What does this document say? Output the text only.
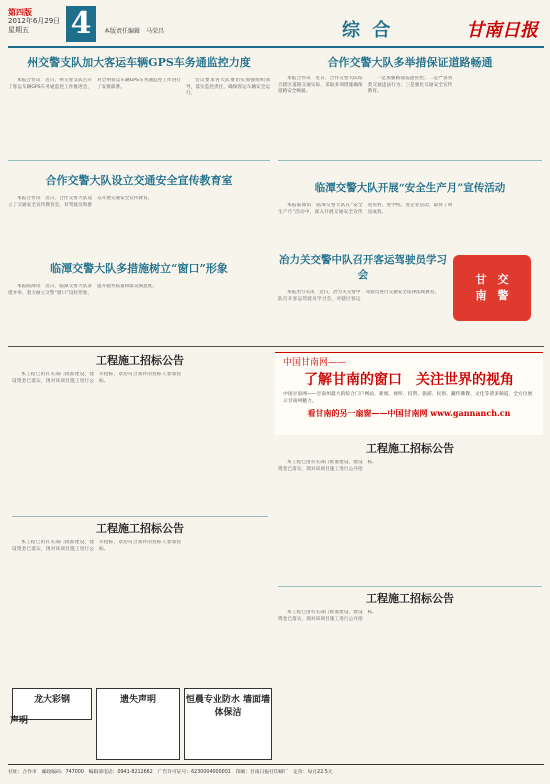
第四版
2012年6月29日
星期五	4	本版责任编辑　马荣昌	综 合	甘南日报
州交警支队加大客运车辆GPS车务通监控力度

本报合作讯　近日，州交警支队召开了客运车辆GPS车务通监控工作推进会，对全州客运车辆GPS车务通监控工作进行了安排部署。

会议要求各大队要切实加强组织领导，落实监控责任，确保客运车辆安全运行。

合作交警大队多举措保证道路畅通

本报合作讯　近日，合作交警大队结合辖区道路交通实际，采取多项措施确保道路安全畅通。

一是加强路面巡逻管控；二是严查各类交通违法行为；三是强化交通安全宣传教育。

临潭交警大队开展“安全生产月”宣传活动

本报临潭讯　临潭交警大队在“安全生产月”活动中，深入开展交通安全宣传进农村、进学校、进企业活动，取得了明显成效。

合作交警大队设立交通安全宣传教育室

本报合作讯　近日，合作交警大队设立了交通安全宣传教育室，对驾驶员和群众开展交通安全宣传教育。

冶力关交警中队召开客运驾驶员学习会

本报冶力关讯　近日，冶力关交警中队召开客运驾驶员学习会，对辖区客运驾驶员进行交通安全法律法规教育。

甘　交
南　警
临潭交警大队多措施树立“窗口”形象

本报临潭讯　近日，临潭交警大队多措并举，着力树立交警“窗口”良好形象，提升服务质量和群众满意度。

工程施工招标公告

本工程已由有关部门批准建设，建设资金已落实，现对该项目施工进行公开招标，欢迎符合条件的投标人参加投标。

工程施工招标公告

本工程已由有关部门批准建设，建设资金已落实，现对该项目施工进行公开招标，欢迎符合条件的投标人参加投标。

中国甘南网——
了解甘南的窗口　关注世界的视角
中国甘南网——甘南州最大的综合门户网站，新闻、视听、投资、旅游、民俗、藏传佛教、文化等诸多频道，全方位展示甘南州魅力。
看甘南的另一扇窗——中国甘南网 www.gannanch.cn
工程施工招标公告

本工程已由有关部门批准建设，建设资金已落实，现对该项目施工进行公开招标。

工程施工招标公告

本工程已由有关部门批准建设，建设资金已落实，现对该项目施工进行公开招标。

龙大彩钢	遗失声明	恒晨专业防水 墙面墙体保洁
声明
社址：合作市　邮政编码：747000　编辑部电话：0941-8212662　广告许可证号：6230004000001　印刷：甘南日报社印刷厂　定价：每月22.5元
